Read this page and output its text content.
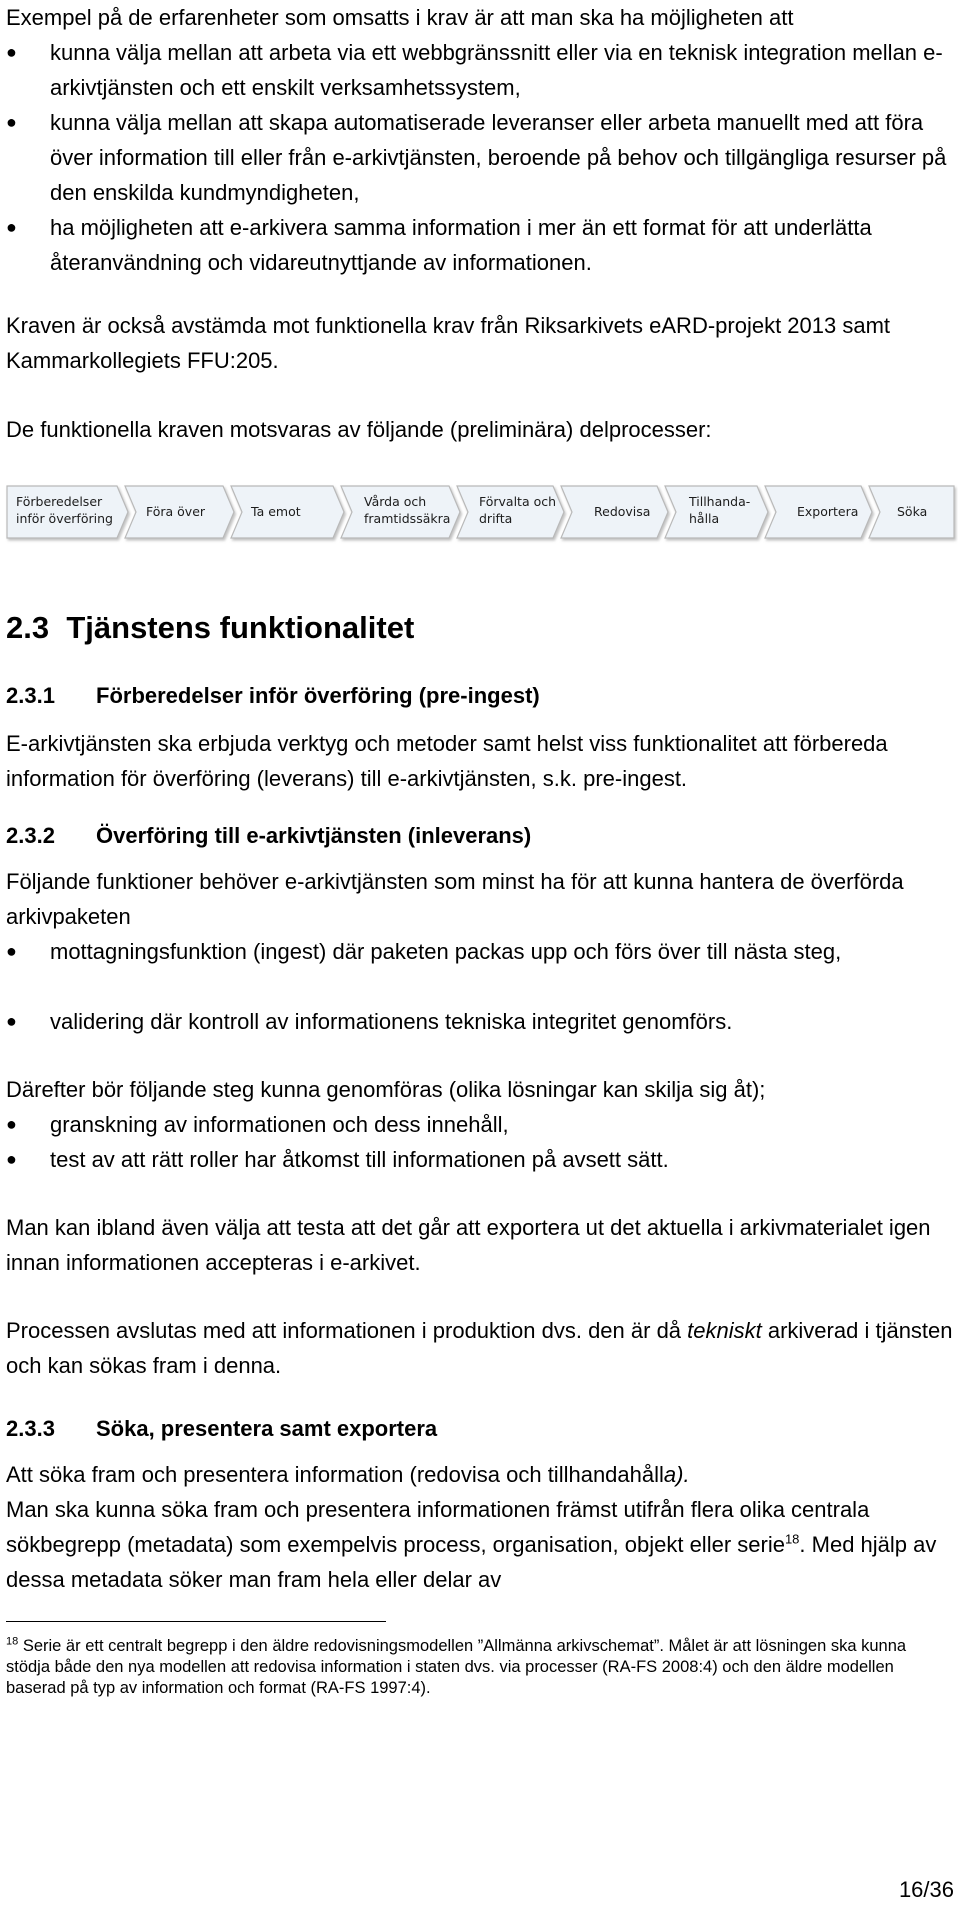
Exempel på de erfarenheter som omsatts i krav är att man ska ha möjligheten att

● kunna välja mellan att arbeta via ett webbgränssnitt eller via en teknisk integration mellan e-arkivtjänsten och ett enskilt verksamhetssystem,
● kunna välja mellan att skapa automatiserade leveranser eller arbeta manuellt med att föra över information till eller från e-arkivtjänsten, beroende på behov och tillgängliga resurser på den enskilda kundmyndigheten,
● ha möjligheten att e-arkivera samma information i mer än ett format för att underlätta återanvändning och vidareutnyttjande av informationen.

Kraven är också avstämda mot funktionella krav från Riksarkivets eARD-projekt 2013 samt Kammarkollegiets FFU:205.

De funktionella kraven motsvaras av följande (preliminära) delprocesser:

Förberedelser
inför överföring	Föra över	Ta emot
Vårda och
framtidssäkra
Förvalta och
drifta	Redovisa
Tillhanda-
hålla	Exportera	Söka
2.3 Tjänstens funktionalitet
2.3.1 Förberedelser inför överföring (pre-ingest)

E-arkivtjänsten ska erbjuda verktyg och metoder samt helst viss funktionalitet att förbereda information för överföring (leverans) till e-arkivtjänsten, s.k. pre-ingest.

2.3.2 Överföring till e-arkivtjänsten (inleverans)

Följande funktioner behöver e-arkivtjänsten som minst ha för att kunna hantera de överförda arkivpaketen

● mottagningsfunktion (ingest) där paketen packas upp och förs över till nästa steg,
● validering där kontroll av informationens tekniska integritet genomförs.

Därefter bör följande steg kunna genomföras (olika lösningar kan skilja sig åt);

● granskning av informationen och dess innehåll,
● test av att rätt roller har åtkomst till informationen på avsett sätt.

Man kan ibland även välja att testa att det går att exportera ut det aktuella i arkivmaterialet igen innan informationen accepteras i e-arkivet.

Processen avslutas med att informationen i produktion dvs. den är då tekniskt arkiverad i tjänsten och kan sökas fram i denna.

2.3.3 Söka, presentera samt exportera

Att söka fram och presentera information (redovisa och tillhandahålla).

Man ska kunna söka fram och presentera informationen främst utifrån flera olika centrala sökbegrepp (metadata) som exempelvis process, organisation, objekt eller serie$^{18}$. Med hjälp av dessa metadata söker man fram hela eller delar av

$^{18}$ Serie är ett centralt begrepp i den äldre redovisningsmodellen ”Allmänna arkivschemat”. Målet är att lösningen ska kunna stödja både den nya modellen att redovisa information i staten dvs. via processer (RA-FS 2008:4) och den äldre modellen baserad på typ av information och format (RA-FS 1997:4).
16/36
